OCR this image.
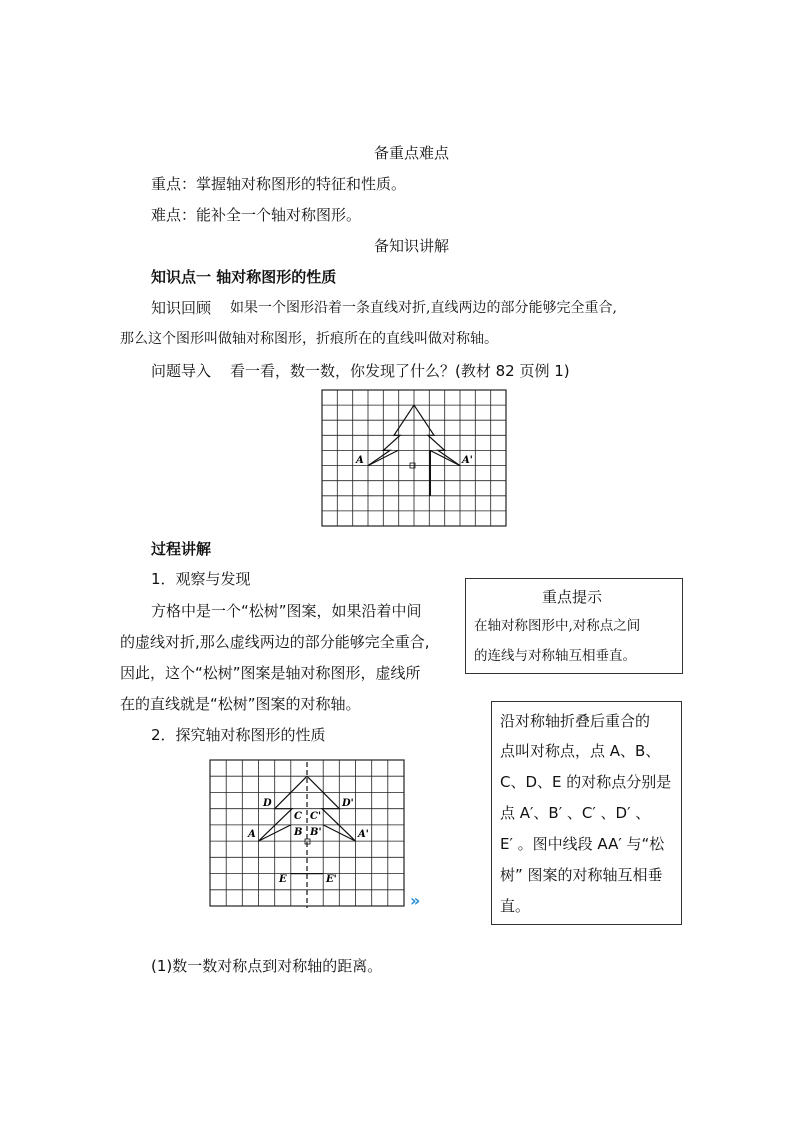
备重点难点
重点：掌握轴对称图形的特征和性质。
难点：能补全一个轴对称图形。
备知识讲解
知识点一 轴对称图形的性质
知识回顾 如果一个图形沿着一条直线对折,直线两边的部分能够完全重合,
那么这个图形叫做轴对称图形，折痕所在的直线叫做对称轴。
问题导入 看一看，数一数，你发现了什么？(教材 82 页例 1)
A	A'
过程讲解
1．观察与发现
方格中是一个“松树”图案，如果沿着中间
的虚线对折,那么虚线两边的部分能够完全重合,
因此，这个“松树”图案是轴对称图形，虚线所
在的直线就是“松树”图案的对称轴。
2．探究轴对称图形的性质
重点提示
在轴对称图形中,对称点之间
的连线与对称轴互相垂直。
沿对称轴折叠后重合的
点叫对称点，点 A、B、
C、D、E 的对称点分别是
点 A′、B′ 、C′ 、D′ 、
E′ 。图中线段 AA′ 与“松
树” 图案的对称轴互相垂
直。
D	D'
C C'
A	A'
B B'
E	E'
»
(1)数一数对称点到对称轴的距离。
